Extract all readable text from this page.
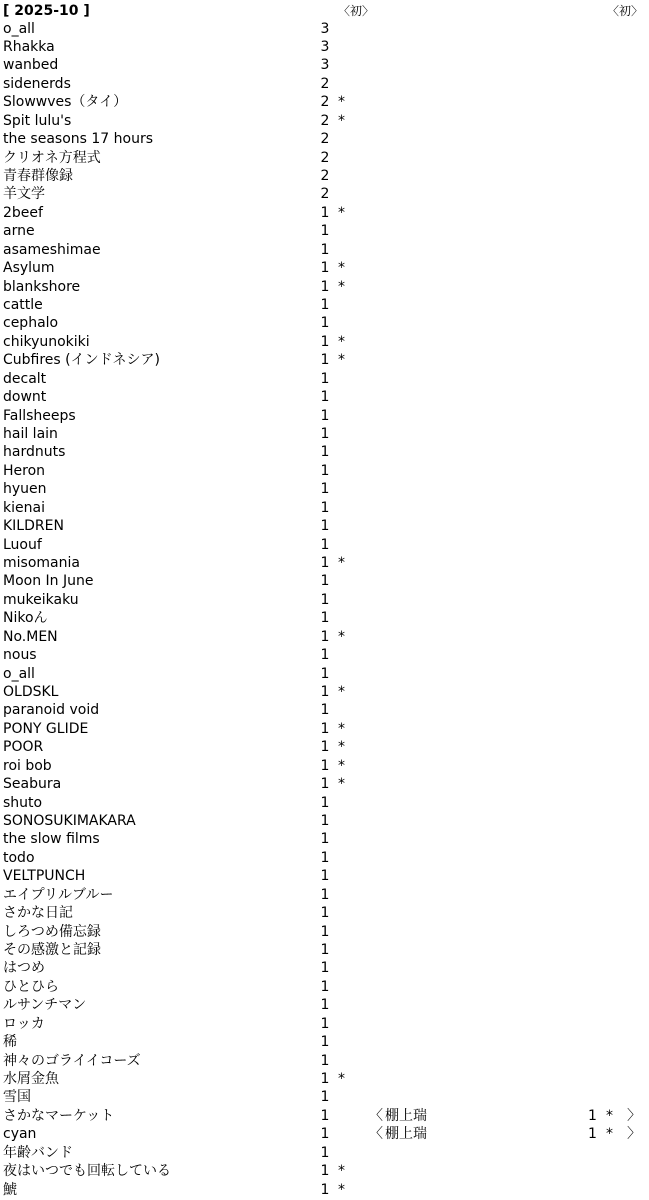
[ 2025-10 ]	〈初〉	〈初〉
o_all	3
Rhakka	3
wanbed	3
sidenerds	2
Slowwves（タイ）	2 *
Spit lulu's	2 *
the seasons 17 hours	2
クリオネ方程式	2
青春群像録	2
羊文学	2
2beef	1 *
arne	1
asameshimae	1
Asylum	1 *
blankshore	1 *
cattle	1
cephalo	1
chikyunokiki	1 *
Cubfires (インドネシア)	1 *
decalt	1
downt	1
Fallsheeps	1
hail lain	1
hardnuts	1
Heron	1
hyuen	1
kienai	1
KILDREN	1
Luouf	1
misomania	1 *
Moon In June	1
mukeikaku	1
Nikoん	1
No.MEN	1 *
nous	1
o_all	1
OLDSKL	1 *
paranoid void	1
PONY GLIDE	1 *
POOR	1 *
roi bob	1 *
Seabura	1 *
shuto	1
SONOSUKIMAKARA	1
the slow films	1
todo	1
VELTPUNCH	1
エイプリルブルー	1
さかな日記	1
しろつめ備忘録	1
その感激と記録	1
はつめ	1
ひとひら	1
ルサンチマン	1
ロッカ	1
稀	1
神々のゴライイコーズ	1
水屑金魚	1 *
雪国	1
さかなマーケット	1	〈 棚上瑞	1 * 〉
cyan	1	〈 棚上瑞	1 * 〉
年齢バンド	1
夜はいつでも回転している	1 *
鯱	1 *
